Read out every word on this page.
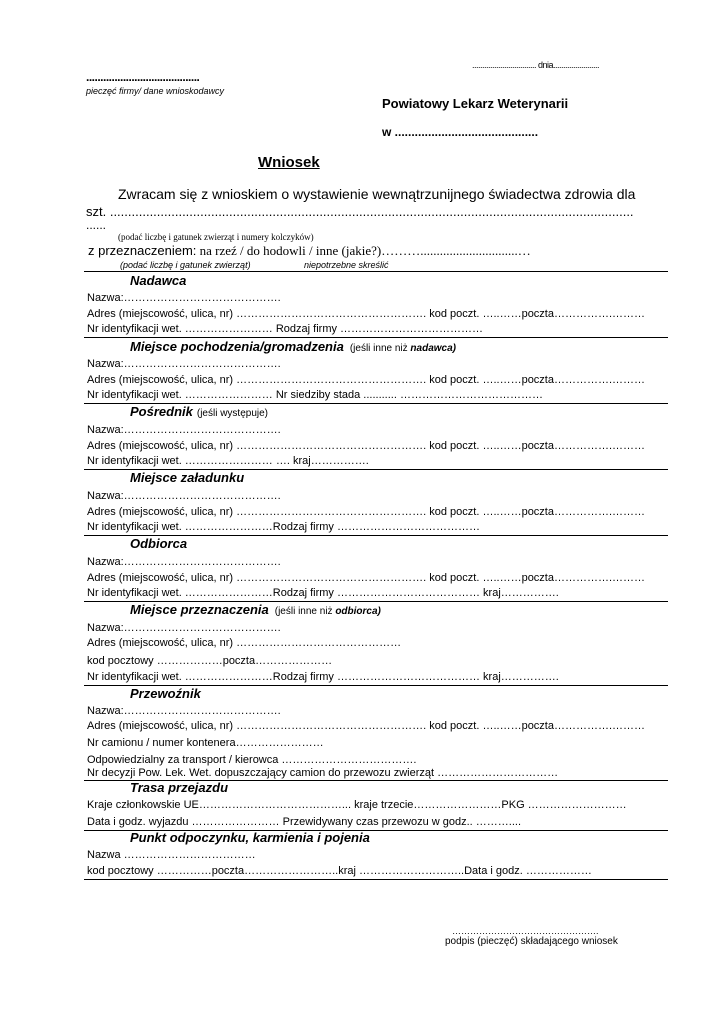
................................ dnia.......................
........................................
pieczęć firmy/ dane wnioskodawcy
Powiatowy Lekarz Weterynarii
w ...........................................
Wniosek
Zwracam się z wnioskiem o wystawienie wewnątrzunijnego świadectwa zdrowia dla
szt. .................................................................................................................................................
......
(podać liczbę i gatunek zwierząt i numery kolczyków)
z przeznaczeniem: na rzeź / do hodowli / inne (jakie?)………..............................…
(podać liczbę i gatunek zwierząt)	niepotrzebne skreślić
Nadawca
Nazwa:…………………………………….
Adres (miejscowość, ulica, nr) ……………………………………………. kod poczt. …..……poczta…………….………
Nr identyfikacji wet. …………………… Rodzaj firmy …………………………………
Miejsce pochodzenia/gromadzenia (jeśli inne niż nadawca)
Nazwa:…………………………………….
Adres (miejscowość, ulica, nr) ……………………………………………. kod poczt. …..……poczta…………….………
Nr identyfikacji wet. …………………… Nr siedziby stada ........... …………………………………
Pośrednik (jeśli występuje)
Nazwa:…………………………………….
Adres (miejscowość, ulica, nr) ……………………………………………. kod poczt. …..……poczta…………….………
Nr identyfikacji wet. …………………… …. kraj…………….
Miejsce załadunku
Nazwa:…………………………………….
Adres (miejscowość, ulica, nr) ……………………………………………. kod poczt. …..……poczta…………….………
Nr identyfikacji wet. ……………………Rodzaj firmy …………………………………
Odbiorca
Nazwa:…………………………………….
Adres (miejscowość, ulica, nr) ……………………………………………. kod poczt. …..……poczta…………….………
Nr identyfikacji wet. ……………………Rodzaj firmy ………………………………… kraj…………….
Miejsce przeznaczenia (jeśli inne niż odbiorca)
Nazwa:…………………………………….
Adres (miejscowość, ulica, nr) ………………………………………
kod pocztowy ………………poczta…………………
Nr identyfikacji wet. ……………………Rodzaj firmy ………………………………… kraj…………….
Przewoźnik
Nazwa:…………………………………….
Adres (miejscowość, ulica, nr) ……………………………………………. kod poczt. …..……poczta…………….………
Nr camionu / numer kontenera……………………
Odpowiedzialny za transport / kierowca ……………………………….
Nr decyzji Pow. Lek. Wet. dopuszczający camion do przewozu zwierząt ……………………………
Trasa przejazdu
Kraje członkowskie UE…………………………………... kraje trzecie……………………PKG ………………………
Data i godz. wyjazdu …………………… Przewidywany czas przewozu w godz.. ………....
Punkt odpoczynku, karmienia i pojenia
Nazwa ………………………………
kod pocztowy ……………poczta……………………..kraj ………………………..Data i godz. ………………
………………………………………….
podpis (pieczęć) składającego wniosek
